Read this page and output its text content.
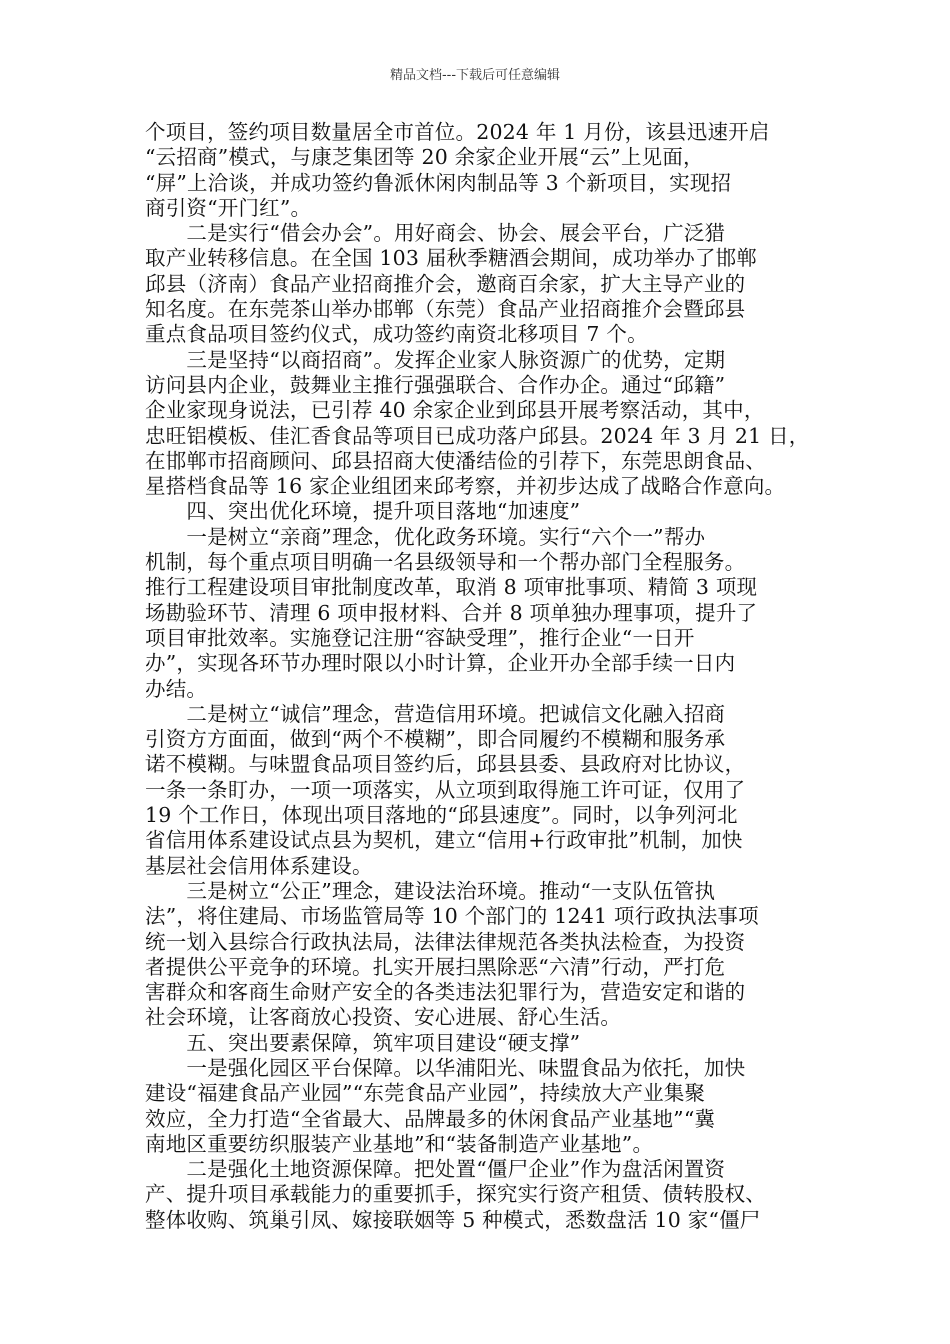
精品文档---下载后可任意编辑
个项目，签约项目数量居全市首位。2024 年 1 月份，该县迅速开启
“云招商”模式，与康芝集团等 20 余家企业开展“云”上见面，
“屏”上洽谈，并成功签约鲁派休闲肉制品等 3 个新项目，实现招
商引资“开门红”。
　　二是实行“借会办会”。用好商会、协会、展会平台，广泛猎
取产业转移信息。在全国 103 届秋季糖酒会期间，成功举办了邯郸
邱县（济南）食品产业招商推介会，邀商百余家，扩大主导产业的
知名度。在东莞茶山举办邯郸（东莞）食品产业招商推介会暨邱县
重点食品项目签约仪式，成功签约南资北移项目 7 个。
　　三是坚持“以商招商”。发挥企业家人脉资源广的优势，定期
访问县内企业，鼓舞业主推行强强联合、合作办企。通过“邱籍”
企业家现身说法，已引荐 40 余家企业到邱县开展考察活动，其中，
忠旺铝模板、佳汇香食品等项目已成功落户邱县。2024 年 3 月 21 日，
在邯郸市招商顾问、邱县招商大使潘结俭的引荐下，东莞思朗食品、
星搭档食品等 16 家企业组团来邱考察，并初步达成了战略合作意向。
　　四、突出优化环境，提升项目落地“加速度”
　　一是树立“亲商”理念，优化政务环境。实行“六个一”帮办
机制，每个重点项目明确一名县级领导和一个帮办部门全程服务。
推行工程建设项目审批制度改革，取消 8 项审批事项、精简 3 项现
场勘验环节、清理 6 项申报材料、合并 8 项单独办理事项，提升了
项目审批效率。实施登记注册“容缺受理”，推行企业“一日开
办”，实现各环节办理时限以小时计算，企业开办全部手续一日内
办结。
　　二是树立“诚信”理念，营造信用环境。把诚信文化融入招商
引资方方面面，做到“两个不模糊”，即合同履约不模糊和服务承
诺不模糊。与味盟食品项目签约后，邱县县委、县政府对比协议，
一条一条盯办，一项一项落实，从立项到取得施工许可证，仅用了
19 个工作日，体现出项目落地的“邱县速度”。同时，以争列河北
省信用体系建设试点县为契机，建立“信用+行政审批”机制，加快
基层社会信用体系建设。
　　三是树立“公正”理念，建设法治环境。推动“一支队伍管执
法”，将住建局、市场监管局等 10 个部门的 1241 项行政执法事项
统一划入县综合行政执法局，法律法律规范各类执法检查，为投资
者提供公平竞争的环境。扎实开展扫黑除恶“六清”行动，严打危
害群众和客商生命财产安全的各类违法犯罪行为，营造安定和谐的
社会环境，让客商放心投资、安心进展、舒心生活。
　　五、突出要素保障，筑牢项目建设“硬支撑”
　　一是强化园区平台保障。以华浦阳光、味盟食品为依托，加快
建设“福建食品产业园”“东莞食品产业园”，持续放大产业集聚
效应，全力打造“全省最大、品牌最多的休闲食品产业基地”“冀
南地区重要纺织服装产业基地”和“装备制造产业基地”。
　　二是强化土地资源保障。把处置“僵尸企业”作为盘活闲置资
产、提升项目承载能力的重要抓手，探究实行资产租赁、债转股权、
整体收购、筑巢引凤、嫁接联姻等 5 种模式，悉数盘活 10 家“僵尸
